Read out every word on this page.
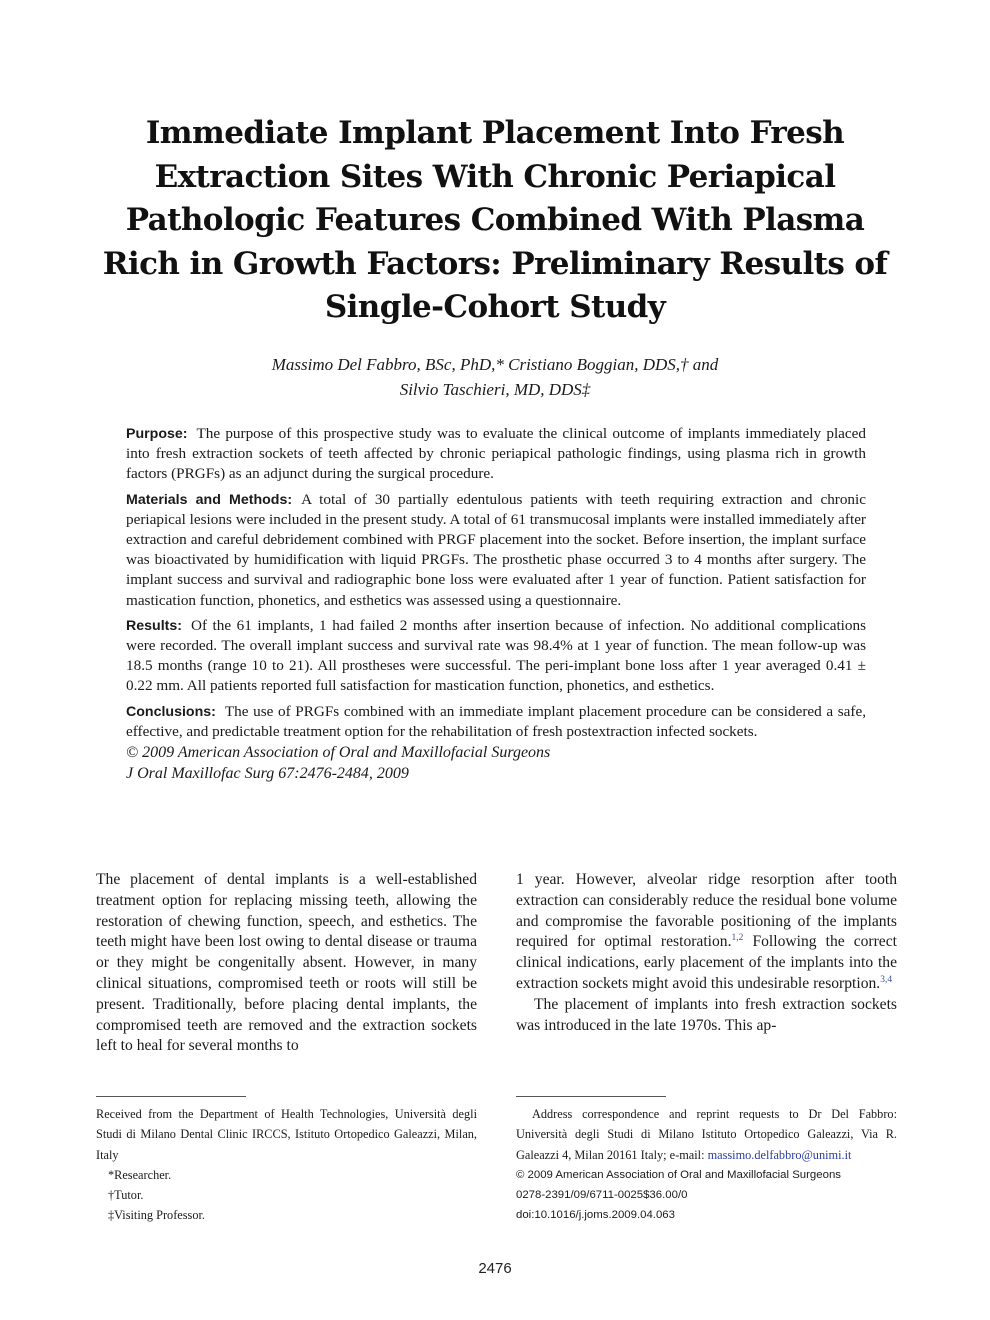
Immediate Implant Placement Into Fresh Extraction Sites With Chronic Periapical Pathologic Features Combined With Plasma Rich in Growth Factors: Preliminary Results of Single-Cohort Study
Massimo Del Fabbro, BSc, PhD,* Cristiano Boggian, DDS,† and
Silvio Taschieri, MD, DDS‡

Purpose: The purpose of this prospective study was to evaluate the clinical outcome of implants immediately placed into fresh extraction sockets of teeth affected by chronic periapical pathologic findings, using plasma rich in growth factors (PRGFs) as an adjunct during the surgical procedure.

Materials and Methods: A total of 30 partially edentulous patients with teeth requiring extraction and chronic periapical lesions were included in the present study. A total of 61 transmucosal implants were installed immediately after extraction and careful debridement combined with PRGF placement into the socket. Before insertion, the implant surface was bioactivated by humidification with liquid PRGFs. The prosthetic phase occurred 3 to 4 months after surgery. The implant success and survival and radiographic bone loss were evaluated after 1 year of function. Patient satisfaction for mastication function, phonetics, and esthetics was assessed using a questionnaire.

Results: Of the 61 implants, 1 had failed 2 months after insertion because of infection. No additional complications were recorded. The overall implant success and survival rate was 98.4% at 1 year of function. The mean follow-up was 18.5 months (range 10 to 21). All prostheses were successful. The peri-implant bone loss after 1 year averaged 0.41 ± 0.22 mm. All patients reported full satisfaction for mastication function, phonetics, and esthetics.

Conclusions: The use of PRGFs combined with an immediate implant placement procedure can be considered a safe, effective, and predictable treatment option for the rehabilitation of fresh postextraction infected sockets.

© 2009 American Association of Oral and Maxillofacial Surgeons

J Oral Maxillofac Surg 67:2476-2484, 2009

The placement of dental implants is a well-established treatment option for replacing missing teeth, allowing the restoration of chewing function, speech, and esthetics. The teeth might have been lost owing to dental disease or trauma or they might be congenitally absent. However, in many clinical situations, compromised teeth or roots will still be present. Traditionally, before placing dental implants, the compromised teeth are removed and the extraction sockets left to heal for several months to

1 year. However, alveolar ridge resorption after tooth extraction can considerably reduce the residual bone volume and compromise the favorable positioning of the implants required for optimal restoration.$^{1,2}$ Following the correct clinical indications, early placement of the implants into the extraction sockets might avoid this undesirable resorption.$^{3,4}$

The placement of implants into fresh extraction sockets was introduced in the late 1970s. This ap-

Received from the Department of Health Technologies, Università degli Studi di Milano Dental Clinic IRCCS, Istituto Ortopedico Galeazzi, Milan, Italy

*Researcher.

†Tutor.

‡Visiting Professor.

Address correspondence and reprint requests to Dr Del Fabbro: Università degli Studi di Milano Istituto Ortopedico Galeazzi, Via R. Galeazzi 4, Milan 20161 Italy; e-mail: massimo.delfabbro@unimi.it

© 2009 American Association of Oral and Maxillofacial Surgeons

0278-2391/09/6711-0025$36.00/0

doi:10.1016/j.joms.2009.04.063

2476
